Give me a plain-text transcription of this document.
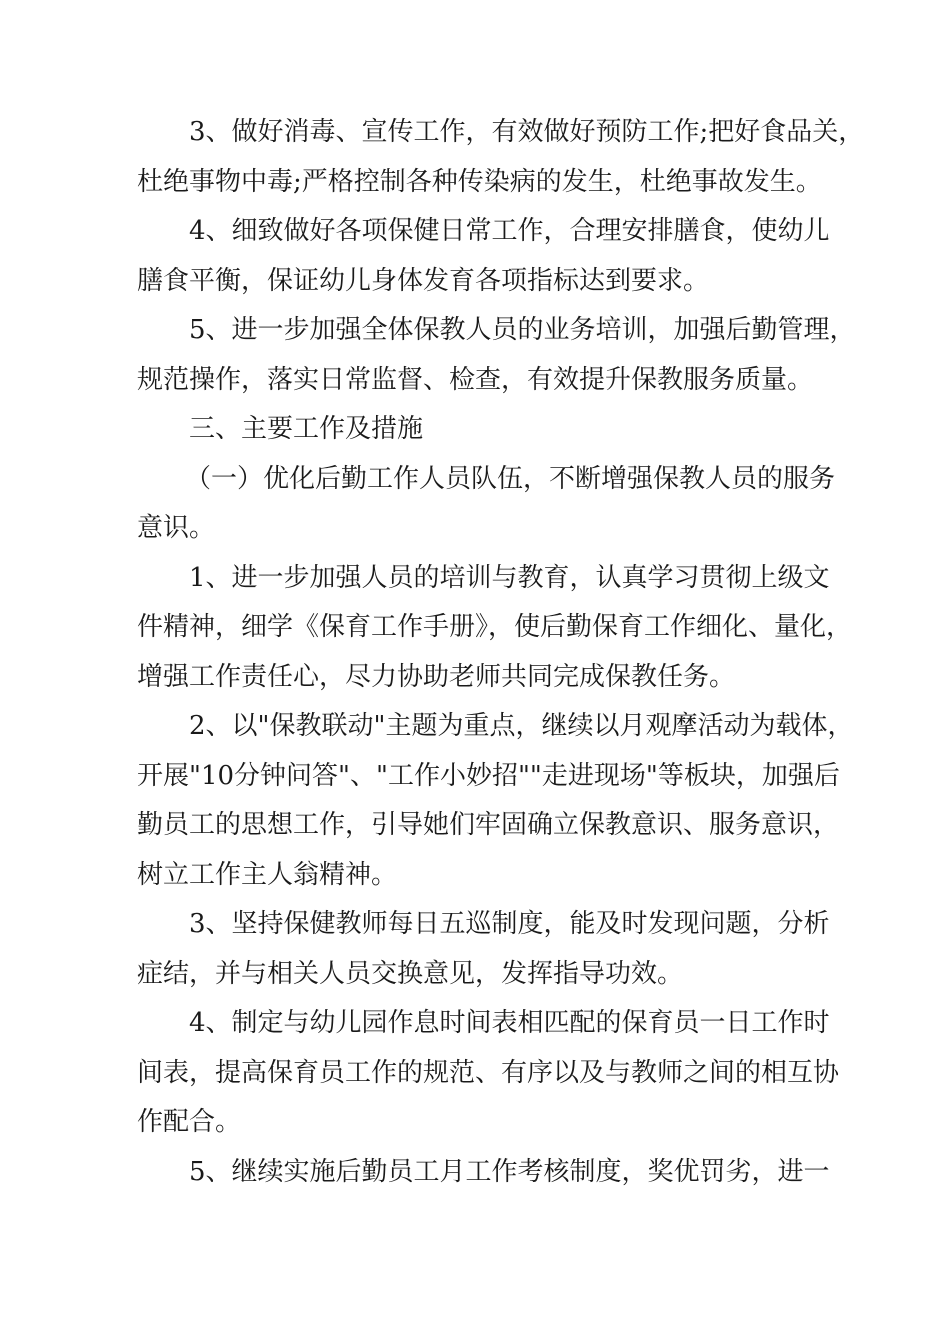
3、做好消毒、宣传工作，有效做好预防工作;把好食品关，
杜绝事物中毒;严格控制各种传染病的发生，杜绝事故发生。
4、细致做好各项保健日常工作，合理安排膳食，使幼儿
膳食平衡，保证幼儿身体发育各项指标达到要求。
5、进一步加强全体保教人员的业务培训，加强后勤管理，
规范操作，落实日常监督、检查，有效提升保教服务质量。
三、主要工作及措施
（一）优化后勤工作人员队伍，不断增强保教人员的服务
意识。
1、进一步加强人员的培训与教育，认真学习贯彻上级文
件精神，细学《保育工作手册》，使后勤保育工作细化、量化，
增强工作责任心，尽力协助老师共同完成保教任务。
2、以"保教联动"主题为重点，继续以月观摩活动为载体，
开展"10分钟问答"、"工作小妙招""走进现场"等板块，加强后
勤员工的思想工作，引导她们牢固确立保教意识、服务意识，
树立工作主人翁精神。
3、坚持保健教师每日五巡制度，能及时发现问题，分析
症结，并与相关人员交换意见，发挥指导功效。
4、制定与幼儿园作息时间表相匹配的保育员一日工作时
间表，提高保育员工作的规范、有序以及与教师之间的相互协
作配合。
5、继续实施后勤员工月工作考核制度，奖优罚劣，进一
